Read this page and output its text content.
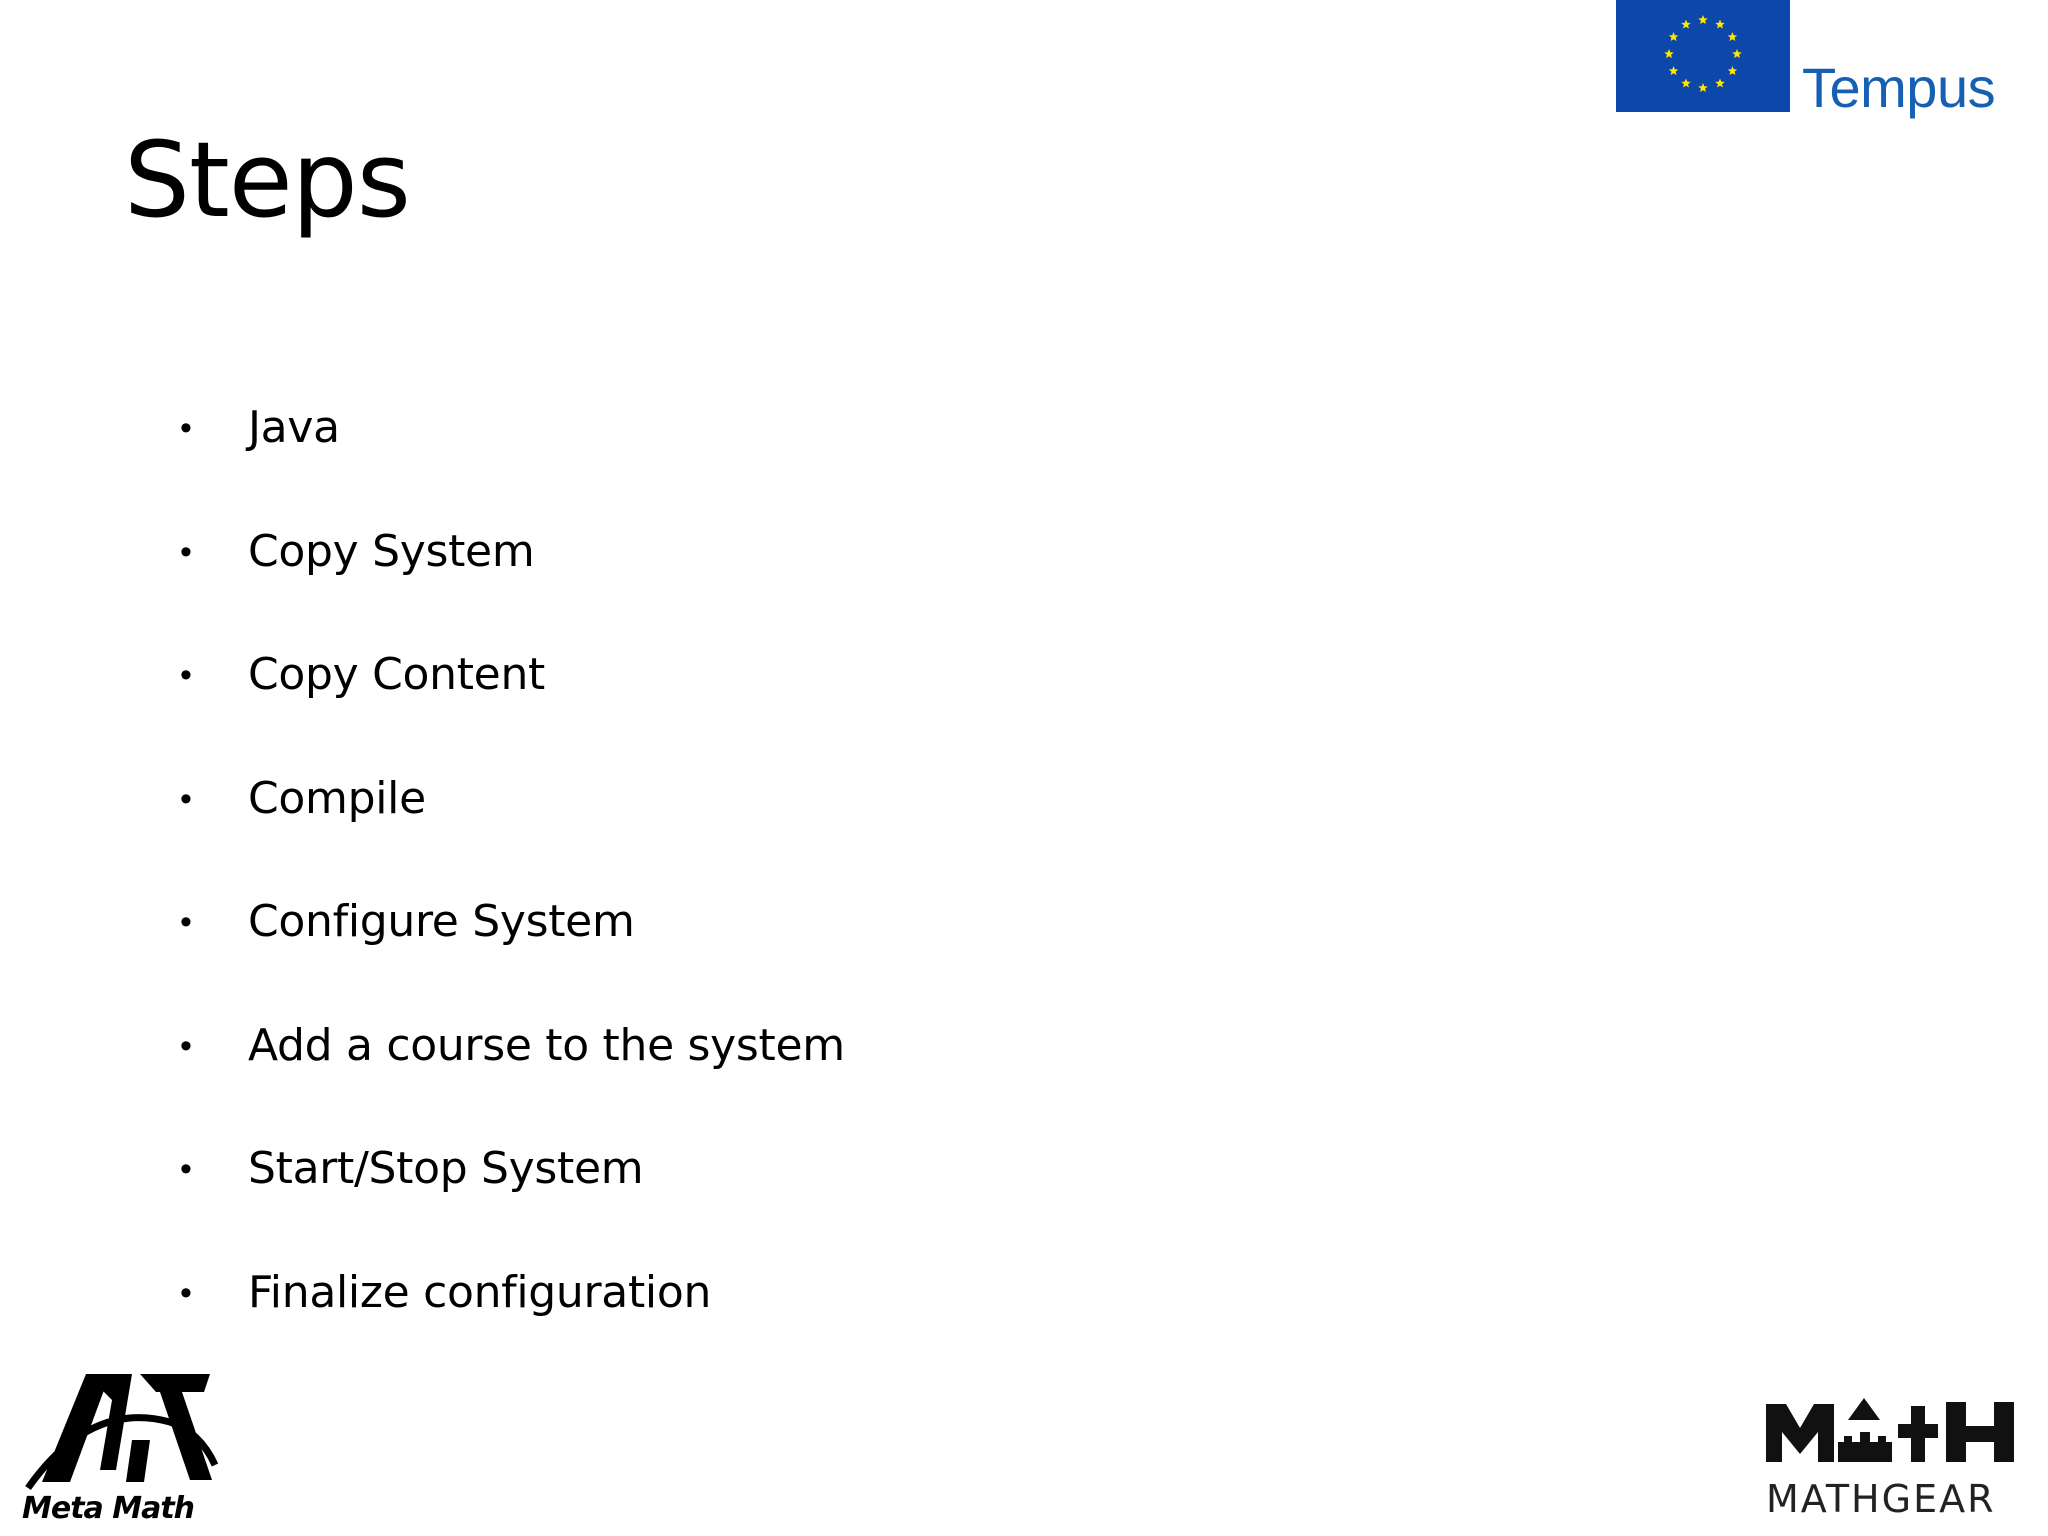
Tempus
Steps
•	Java
•	Copy System
•	Copy Content
•	Compile
•	Configure System
•	Add a course to the system
•	Start/Stop System
•	Finalize configuration
Meta Math	MATHGEAR
